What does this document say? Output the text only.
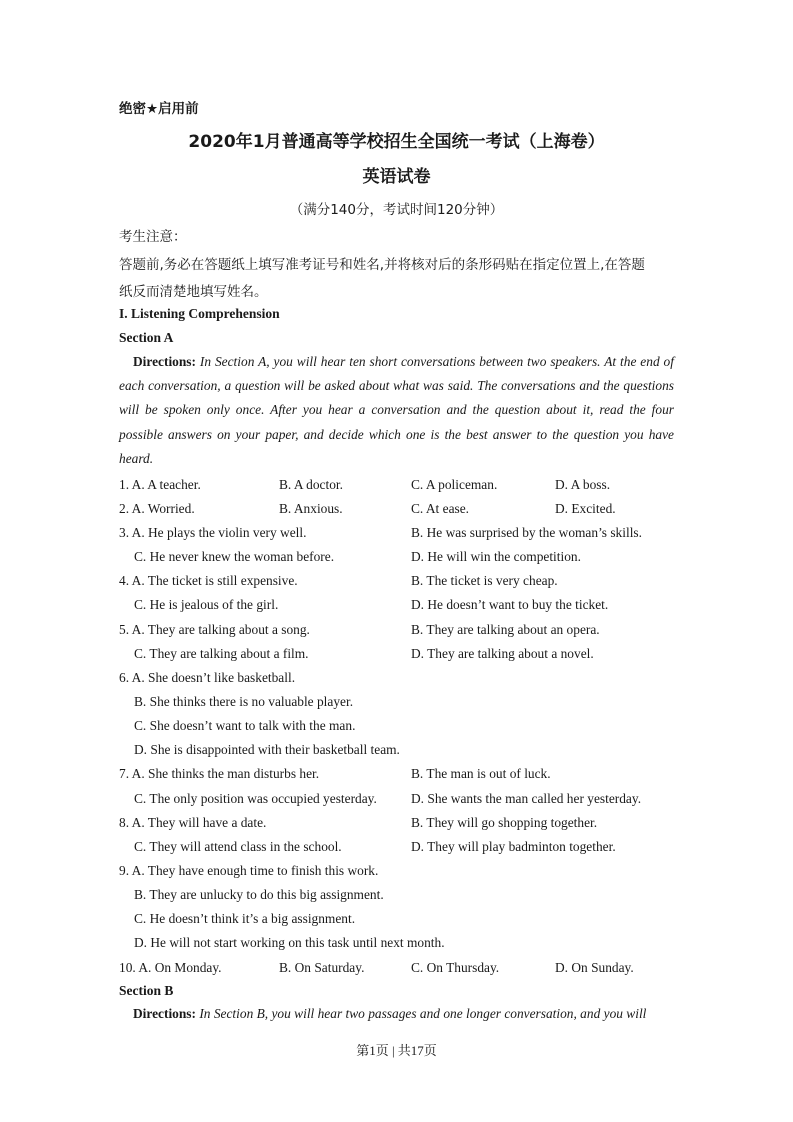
绝密★启用前
2020年1月普通高等学校招生全国统一考试（上海卷）
英语试卷
（满分140分，考试时间120分钟）
考生注意：
答题前,务必在答题纸上填写准考证号和姓名,并将核对后的条形码贴在指定位置上,在答题
纸反而清楚地填写姓名。
I. Listening Comprehension
Section A
Directions: In Section A, you will hear ten short conversations between two speakers. At the end of each conversation, a question will be asked about what was said. The conversations and the questions will be spoken only once. After you hear a conversation and the question about it, read the four possible answers on your paper, and decide which one is the best answer to the question you have heard.
1. A. A teacher.	B. A doctor.	C. A policeman.	D. A boss.
2. A. Worried.	B. Anxious.	C. At ease.	D. Excited.
3. A. He plays the violin very well.	B. He was surprised by the woman’s skills.
C. He never knew the woman before.	D. He will win the competition.
4. A. The ticket is still expensive.	B. The ticket is very cheap.
C. He is jealous of the girl.	D. He doesn’t want to buy the ticket.
5. A. They are talking about a song.	B. They are talking about an opera.
C. They are talking about a film.	D. They are talking about a novel.
6. A. She doesn’t like basketball.
B. She thinks there is no valuable player.
C. She doesn’t want to talk with the man.
D. She is disappointed with their basketball team.
7. A. She thinks the man disturbs her.	B. The man is out of luck.
C. The only position was occupied yesterday.	D. She wants the man called her yesterday.
8. A. They will have a date.	B. They will go shopping together.
C. They will attend class in the school.	D. They will play badminton together.
9. A. They have enough time to finish this work.
B. They are unlucky to do this big assignment.
C. He doesn’t think it’s a big assignment.
D. He will not start working on this task until next month.
10. A. On Monday.	B. On Saturday.	C. On Thursday.	D. On Sunday.
Section B
Directions: In Section B, you will hear two passages and one longer conversation, and you will
第1页 | 共17页
